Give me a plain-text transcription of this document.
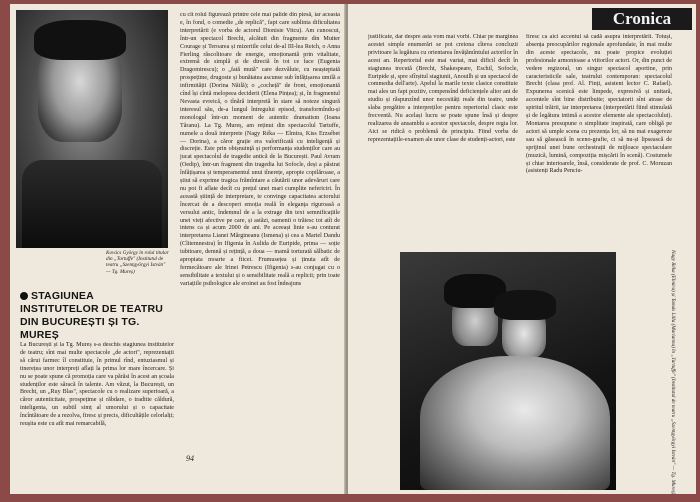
Kovács György în rolul titular din „Tartuffe" (Institutul de teatru „Szentgyörgyi István" — Tg. Mureș)
STAGIUNEA INSTITUTELOR DE TEATRU DIN BUCUREȘTI ȘI TG. MUREȘ
La București și la Tg. Mureș s-a deschis stagiunea institutelor de teatru; sînt mai multe spectacole „de actori", reprezentații să cărui farmec îl constituie, în primul rînd, entuziasmul și tinerețea unor interpreți aflați la prima lor mare încercare. Și nu se poate spune că promoția care va părăsi în acest an școala studenților este săracă în talente. Am văzut, la București, un Brecht, un „Ruy Blas", spectacole cu o realizare superioară, a căror autenticitate, prospețime și răbdare, o traditie căldură, inteligenta, un subtil simț al umorului și o capacitate încîntătoare de a rezolva, firesc și precis, dificultățile celorlalți; reușita este cu atît mai remarcabilă,
cu cît rolul figurează printre cele mai palide din piesă, iar aceasta e, în fond, o comedie „de replică", fapt care sublinia dificultatea interpretării (e vorba de actorul Dionisie Vitcu). Am cunoscut, într-un spectacol Brecht, alcătuit din fragmente din Mutter Courage și Teroarea și mizeriile celui de-al III-lea Reich, o Anna Fierling răscolitoare de energie, emoționantă prin vitalitate, extremă de simplă și de directă în tot ce face (Eugenia Dragomirescu); o „fată mută" care dezvăluie, cu neașteptată prospețime, drugoste și bunătatea ascunse sub înfățișarea umilă a infirmității (Dorina Năilă); o „cocheță" de front, emoționantă cînd își cîntă melopeea deciderii (Elena Pințea); și, în fragmentul Nevasta evreică, o tînără interpretă în stare să noteze singură interesul său, de-a lungul întregului episod, transformîndu-și monologul într-un moment de autentic dramatism (Ioana Tăranu). La Tg. Mureș, am reținut din spectacolul Tartuffe, numele a două interprete (Nagy Réka — Elmira, Kiss Erzsébet — Dorina), a căror grație era valorificată cu inteligență și discreție. Este prin obișnuință și performanța studenților care au jucat spectacolul de tragedie antică de la București. Paul Avram (Oedip), într-un fragment din tragedia lui Sofocle, deși a păstrat înfățișarea și temperamentul unui tînerețe, apropie copilăroase, a știut să exprime tragica frămîntare a căutării unor adevăruri care nu pot fi aflate decît cu prețul unei mari cumplite nefericiri. În această știință de interpretare, te convinge capacitatea actorului încercat de a descoperi emoția reală în eleganța riguroasă a versului antic, îndemnul de a la extrage din text semnificațiile unei vieți afective pe care, și astăzi, oamenii o trăiesc tot atît de intens ca și acum 2000 de ani. Pe aceeași linie s-au conturat interpretarea Lianei Mărgineanu (Ismena) și cea a Mariel Dandu (Clitemnestra) în Ifigenia în Aulida de Euripide, prima — soție iubitoare, demnă și rețință, a doua — mamă torturată sălbatic de apropiata moarte a fiicei. Frumusețea și ținuta atît de fermecătoare ale Irinei Petrescu (Ifigenia) s-au conjugat cu o sensibilitate a textului și o sensibilitate reală a replicii; prin toate variațiile psihologice ale eroinei au fost îndeajuns
94
Cronica
justificate, dar despre asta vom mai vorbi. Chiar pe marginea acestei simple enumerări se pot creiona cîteva concluzii privitoare la legătura cu orientarea învățămîntului actorilor în acest an. Repertoriul este mai variat, mai dificil decît în stagiunea trecută (Brecht, Shakespeare, Eschil, Sofocle, Euripide și, spre sfîrșitul stagiunii, Anouilh și un spectacol de commedia dell'arte). Apelul la marile texte clasice constituie mai ales un fapt pozitiv, compensînd deficiențele altor ani de studiu și răspunzînd unor necesități reale din teatre, unde slaba pregătire a interpreților pentru repertoriul clasic este frecventă. Nu același lucru se poate spune însă și despre realizarea de ansamblu a acestor spectacole, despre regia lor. Aici se ridică o problemă de principiu. Fiind vorba de reprezentațiile-examen ale unor clase de studenți-actori, este
firesc ca aici accentul să cadă asupra interpretării. Totuși, absența preocupărilor regionale aprofundate, în mai multe din aceste spectacole, nu poate propice evoluției profesionale armonioase a viitorilor actori. Or, din punct de vedere regizoral, un singur spectacol aportine, prin caracteristicile sale, teatrului contemporan: spectacolul Brecht (clasa prof. Al. Finți, asistent lector C. Rafael). Expunerea scenică este limpede, expresivă și unitară, accentele sînt bine distribuite; spectatorii sînt atrase de spiritul trăirii, iar interpretarea (interpretării fiind stimulată și de legătura intimă a acestor elemente ale spectacolului). Montarea presupune o simplitate inspirată, care obligă pe actori să umple scena cu prezența lor, să nu mai exagereze sau să găsească în sceno-grafie, ci să nu-și lipsească de sprijinul unei bune orchestrații de mijloace spectaculare (muzică, lumină, compoziția mișcării în scenă). Costumele și chiar interioarele, însă, considerate de prof. C. Moruzan (asistenți Radu Penciu-
Nagy Réka (Elmira) și Tamás Lilla (Marianna) în „Tartuffe" (Institutul de teatru „Szentgyörgyi István" — Tg. Mureș)
